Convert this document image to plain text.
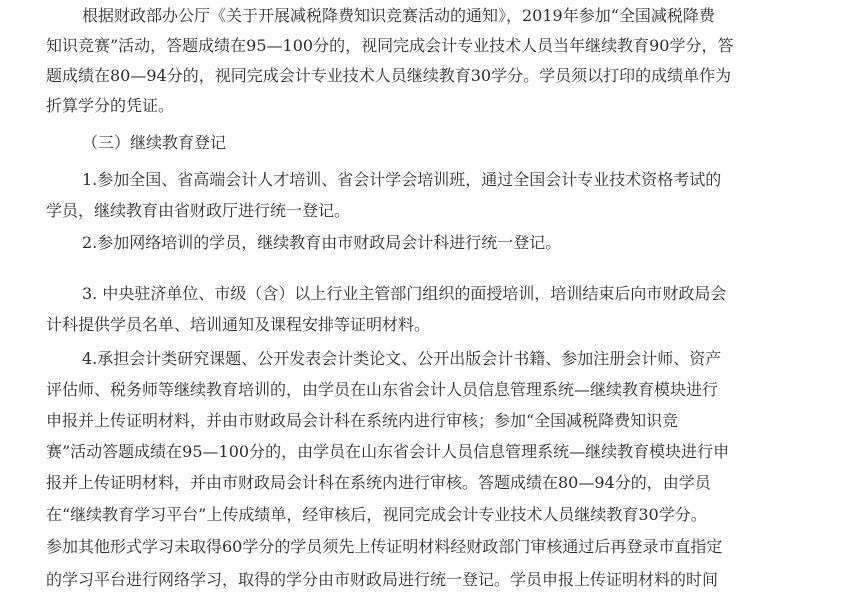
根据财政部办公厅《关于开展减税降费知识竞赛活动的通知》，2019年参加“全国减税降费
知识竞赛”活动，答题成绩在95—100分的，视同完成会计专业技术人员当年继续教育90学分，答
题成绩在80—94分的，视同完成会计专业技术人员继续教育30学分。学员须以打印的成绩单作为
折算学分的凭证。
（三）继续教育登记
1.参加全国、省高端会计人才培训、省会计学会培训班，通过全国会计专业技术资格考试的
学员，继续教育由省财政厅进行统一登记。
2.参加网络培训的学员，继续教育由市财政局会计科进行统一登记。
3. 中央驻济单位、市级（含）以上行业主管部门组织的面授培训，培训结束后向市财政局会
计科提供学员名单、培训通知及课程安排等证明材料。
4.承担会计类研究课题、公开发表会计类论文、公开出版会计书籍、参加注册会计师、资产
评估师、税务师等继续教育培训的，由学员在山东省会计人员信息管理系统—继续教育模块进行
申报并上传证明材料，并由市财政局会计科在系统内进行审核；参加“全国减税降费知识竞
赛”活动答题成绩在95—100分的，由学员在山东省会计人员信息管理系统—继续教育模块进行申
报并上传证明材料，并由市财政局会计科在系统内进行审核。答题成绩在80—94分的，由学员
在“继续教育学习平台”上传成绩单，经审核后，视同完成会计专业技术人员继续教育30学分。
参加其他形式学习未取得60学分的学员须先上传证明材料经财政部门审核通过后再登录市直指定
的学习平台进行网络学习，取得的学分由市财政局进行统一登记。学员申报上传证明材料的时间
